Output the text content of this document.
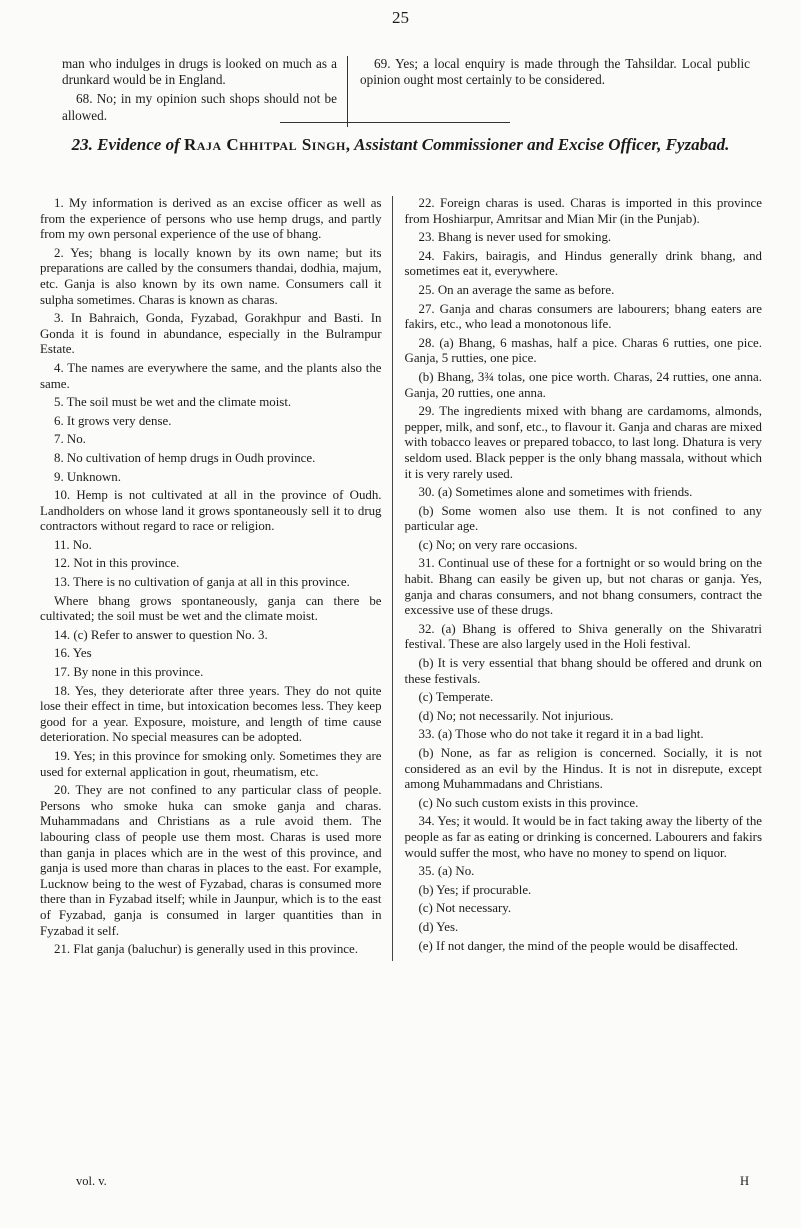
25

man who indulges in drugs is looked on much as a drunkard would be in England.

68. No; in my opinion such shops should not be allowed.

69. Yes; a local enquiry is made through the Tahsildar. Local public opinion ought most certainly to be considered.

23. Evidence of Raja Chhitpal Singh, Assistant Commissioner and Excise Officer, Fyzabad.

1. My information is derived as an excise officer as well as from the experience of persons who use hemp drugs, and partly from my own personal experience of the use of bhang.

2. Yes; bhang is locally known by its own name; but its preparations are called by the consumers thandai, dodhia, majum, etc. Ganja is also known by its own name. Consumers call it sulpha sometimes. Charas is known as charas.

3. In Bahraich, Gonda, Fyzabad, Gorakhpur and Basti. In Gonda it is found in abundance, especially in the Bulrampur Estate.

4. The names are everywhere the same, and the plants also the same.

5. The soil must be wet and the climate moist.

6. It grows very dense.

7. No.

8. No cultivation of hemp drugs in Oudh province.

9. Unknown.

10. Hemp is not cultivated at all in the province of Oudh. Landholders on whose land it grows spontaneously sell it to drug contractors without regard to race or religion.

11. No.

12. Not in this province.

13. There is no cultivation of ganja at all in this province.

Where bhang grows spontaneously, ganja can there be cultivated; the soil must be wet and the climate moist.

14. (c) Refer to answer to question No. 3.

16. Yes

17. By none in this province.

18. Yes, they deteriorate after three years. They do not quite lose their effect in time, but intoxication becomes less. They keep good for a year. Exposure, moisture, and length of time cause deterioration. No special measures can be adopted.

19. Yes; in this province for smoking only. Sometimes they are used for external application in gout, rheumatism, etc.

20. They are not confined to any particular class of people. Persons who smoke huka can smoke ganja and charas. Muhammadans and Christians as a rule avoid them. The labouring class of people use them most. Charas is used more than ganja in places which are in the west of this province, and ganja is used more than charas in places to the east. For example, Lucknow being to the west of Fyzabad, charas is consumed more there than in Fyzabad itself; while in Jaunpur, which is to the east of Fyzabad, ganja is consumed in larger quantities than in Fyzabad it self.

21. Flat ganja (baluchur) is generally used in this province.

22. Foreign charas is used. Charas is imported in this province from Hoshiarpur, Amritsar and Mian Mir (in the Punjab).

23. Bhang is never used for smoking.

24. Fakirs, bairagis, and Hindus generally drink bhang, and sometimes eat it, everywhere.

25. On an average the same as before.

27. Ganja and charas consumers are labourers; bhang eaters are fakirs, etc., who lead a monotonous life.

28. (a) Bhang, 6 mashas, half a pice. Charas 6 rutties, one pice. Ganja, 5 rutties, one pice.

(b) Bhang, 3¾ tolas, one pice worth. Charas, 24 rutties, one anna. Ganja, 20 rutties, one anna.

29. The ingredients mixed with bhang are cardamoms, almonds, pepper, milk, and sonf, etc., to flavour it. Ganja and charas are mixed with tobacco leaves or prepared tobacco, to last long. Dhatura is very seldom used. Black pepper is the only bhang massala, without which it is very rarely used.

30. (a) Sometimes alone and sometimes with friends.

(b) Some women also use them. It is not confined to any particular age.

(c) No; on very rare occasions.

31. Continual use of these for a fortnight or so would bring on the habit. Bhang can easily be given up, but not charas or ganja. Yes, ganja and charas consumers, and not bhang consumers, contract the excessive use of these drugs.

32. (a) Bhang is offered to Shiva generally on the Shivaratri festival. These are also largely used in the Holi festival.

(b) It is very essential that bhang should be offered and drunk on these festivals.

(c) Temperate.

(d) No; not necessarily. Not injurious.

33. (a) Those who do not take it regard it in a bad light.

(b) None, as far as religion is concerned. Socially, it is not considered as an evil by the Hindus. It is not in disrepute, except among Muhammadans and Christians.

(c) No such custom exists in this province.

34. Yes; it would. It would be in fact taking away the liberty of the people as far as eating or drinking is concerned. Labourers and fakirs would suffer the most, who have no money to spend on liquor.

35. (a) No.

(b) Yes; if procurable.

(c) Not necessary.

(d) Yes.

(e) If not danger, the mind of the people would be disaffected.

vol. v.	H
